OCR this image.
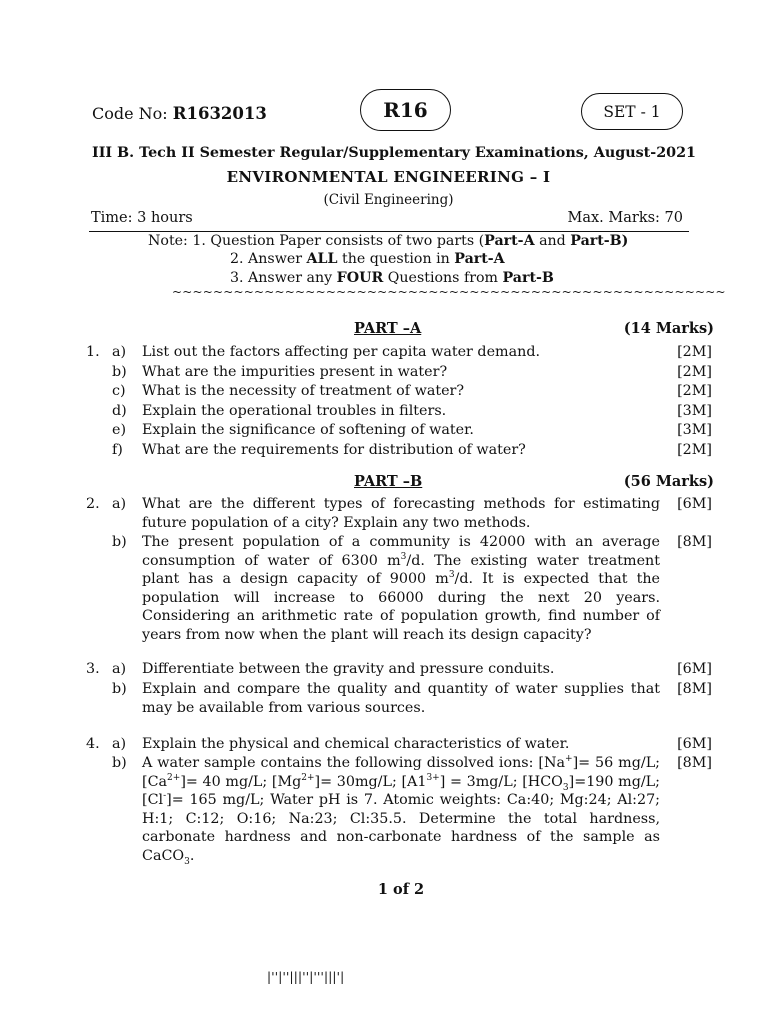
Code No: R1632013	R16	SET - 1
III B. Tech II Semester Regular/Supplementary Examinations, August-2021
ENVIRONMENTAL ENGINEERING – I
(Civil Engineering)
Time: 3 hours	Max. Marks: 70
Note: 1. Question Paper consists of two parts (Part-A and Part-B)
2. Answer ALL the question in Part-A
3. Answer any FOUR Questions from Part-B
~~~~~~~~~~~~~~~~~~~~~~~~~~~~~~~~~~~~~~~~~~~~~~~~~~~~~~
PART –A	(14 Marks)
1. a) List out the factors affecting per capita water demand.	[2M]
b) What are the impurities present in water?	[2M]
c) What is the necessity of treatment of water?	[2M]
d) Explain the operational troubles in filters.	[3M]
e) Explain the significance of softening of water.	[3M]
f) What are the requirements for distribution of water?	[2M]
PART –B	(56 Marks)
2. a) What are the different types of forecasting methods for estimating future population of a city? Explain any two methods.
[6M]
b) The present population of a community is 42000 with an average consumption of water of 6300 $m^3/d$. The existing water treatment plant has a design capacity of 9000 $m^3/d$. It is expected that the population will increase to 66000 during the next 20 years. Considering an arithmetic rate of population growth, find number of years from now when the plant will reach its design capacity?
[8M]
3. a) Differentiate between the gravity and pressure conduits.	[6M]
b) Explain and compare the quality and quantity of water supplies that may be available from various sources.
[8M]
4. a) Explain the physical and chemical characteristics of water.	[6M]
b) A water sample contains the following dissolved ions: [Na+]= 56 mg/L; $[Ca^{2+}]= 40$ mg/L; $[Mg^{2+}]= 30mg/L$; $[A1^{3+}] = 3mg/L$; $[HCO_3]=190$ mg/L; [Cl-]= 165 mg/L; Water pH is 7. Atomic weights: Ca:40; Mg:24; Al:27; H:1; C:12; O:16; Na:23; Cl:35.5. Determine the total hardness, carbonate hardness and non-carbonate hardness of the sample as CaCO$_3$.
[8M]
1 of 2
|''|''|||''|'''|||'|
